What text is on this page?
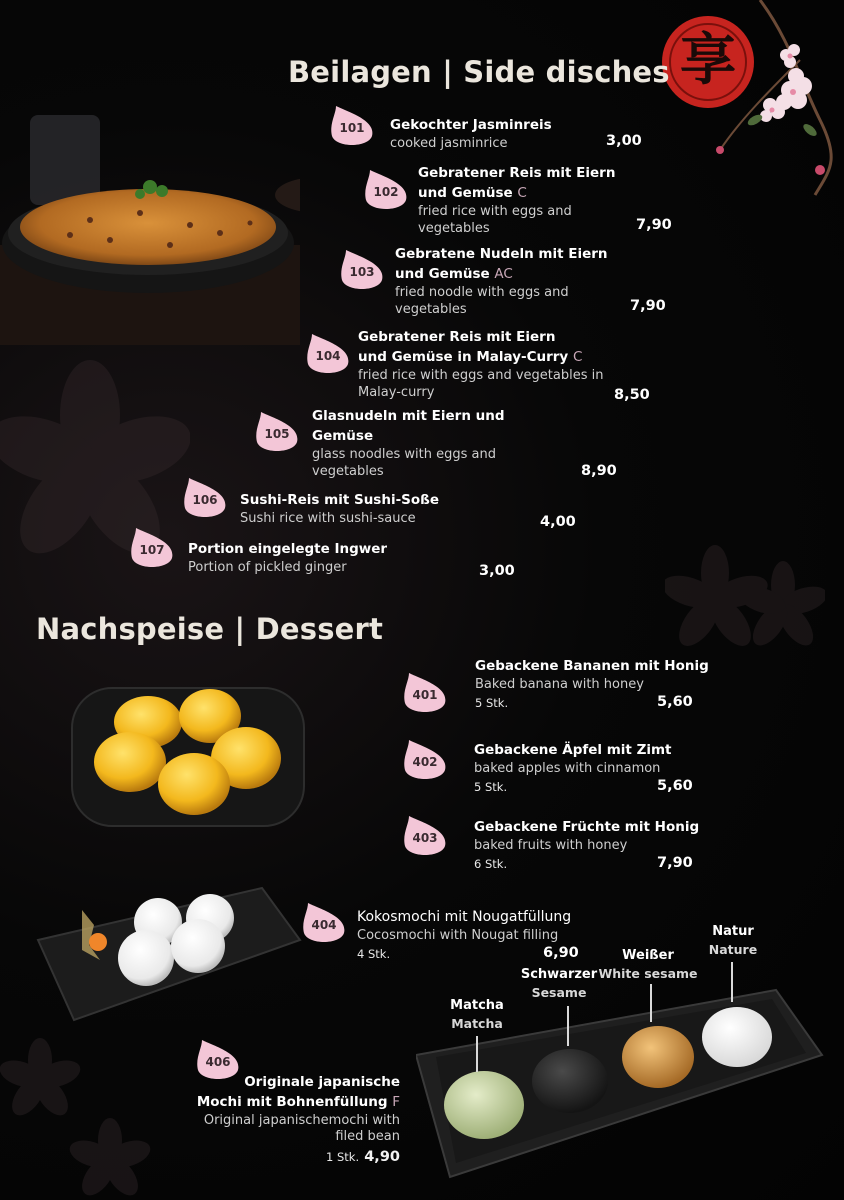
享
Beilagen | Side disches
101	Gekochter Jasminreis
cooked jasminrice	3,00
102
Gebratener Reis mit Eiern
und Gemüse C
fried rice with eggs and
vegetables	7,90
103
Gebratene Nudeln mit Eiern
und Gemüse AC
fried noodle with eggs and
vegetables	7,90
104
Gebratener Reis mit Eiern
und Gemüse in Malay-Curry C
fried rice with eggs and vegetables in
Malay-curry	8,50
105
Glasnudeln mit Eiern und
Gemüse
glass noodles with eggs and
vegetables	8,90
106	Sushi-Reis mit Sushi-Soße
Sushi rice with sushi-sauce	4,00
107	Portion eingelegte Ingwer
Portion of pickled ginger	3,00
Nachspeise | Dessert
401
Gebackene Bananen mit Honig
Baked banana with honey
5 Stk.	5,60
402
Gebackene Äpfel mit Zimt
baked apples with cinnamon
5 Stk.	5,60
403
Gebackene Früchte mit Honig
baked fruits with honey
6 Stk.	7,90
404	Kokosmochi mit Nougatfüllung
Cocosmochi with Nougat filling
4 Stk.	6,90
406
Originale japanische
Mochi mit Bohnenfüllung F
Original japanischemochi with
filed bean
1 Stk. 4,90
Matcha
Matcha
Schwarzer
Sesame
Weißer
White sesame
Natur
Nature
